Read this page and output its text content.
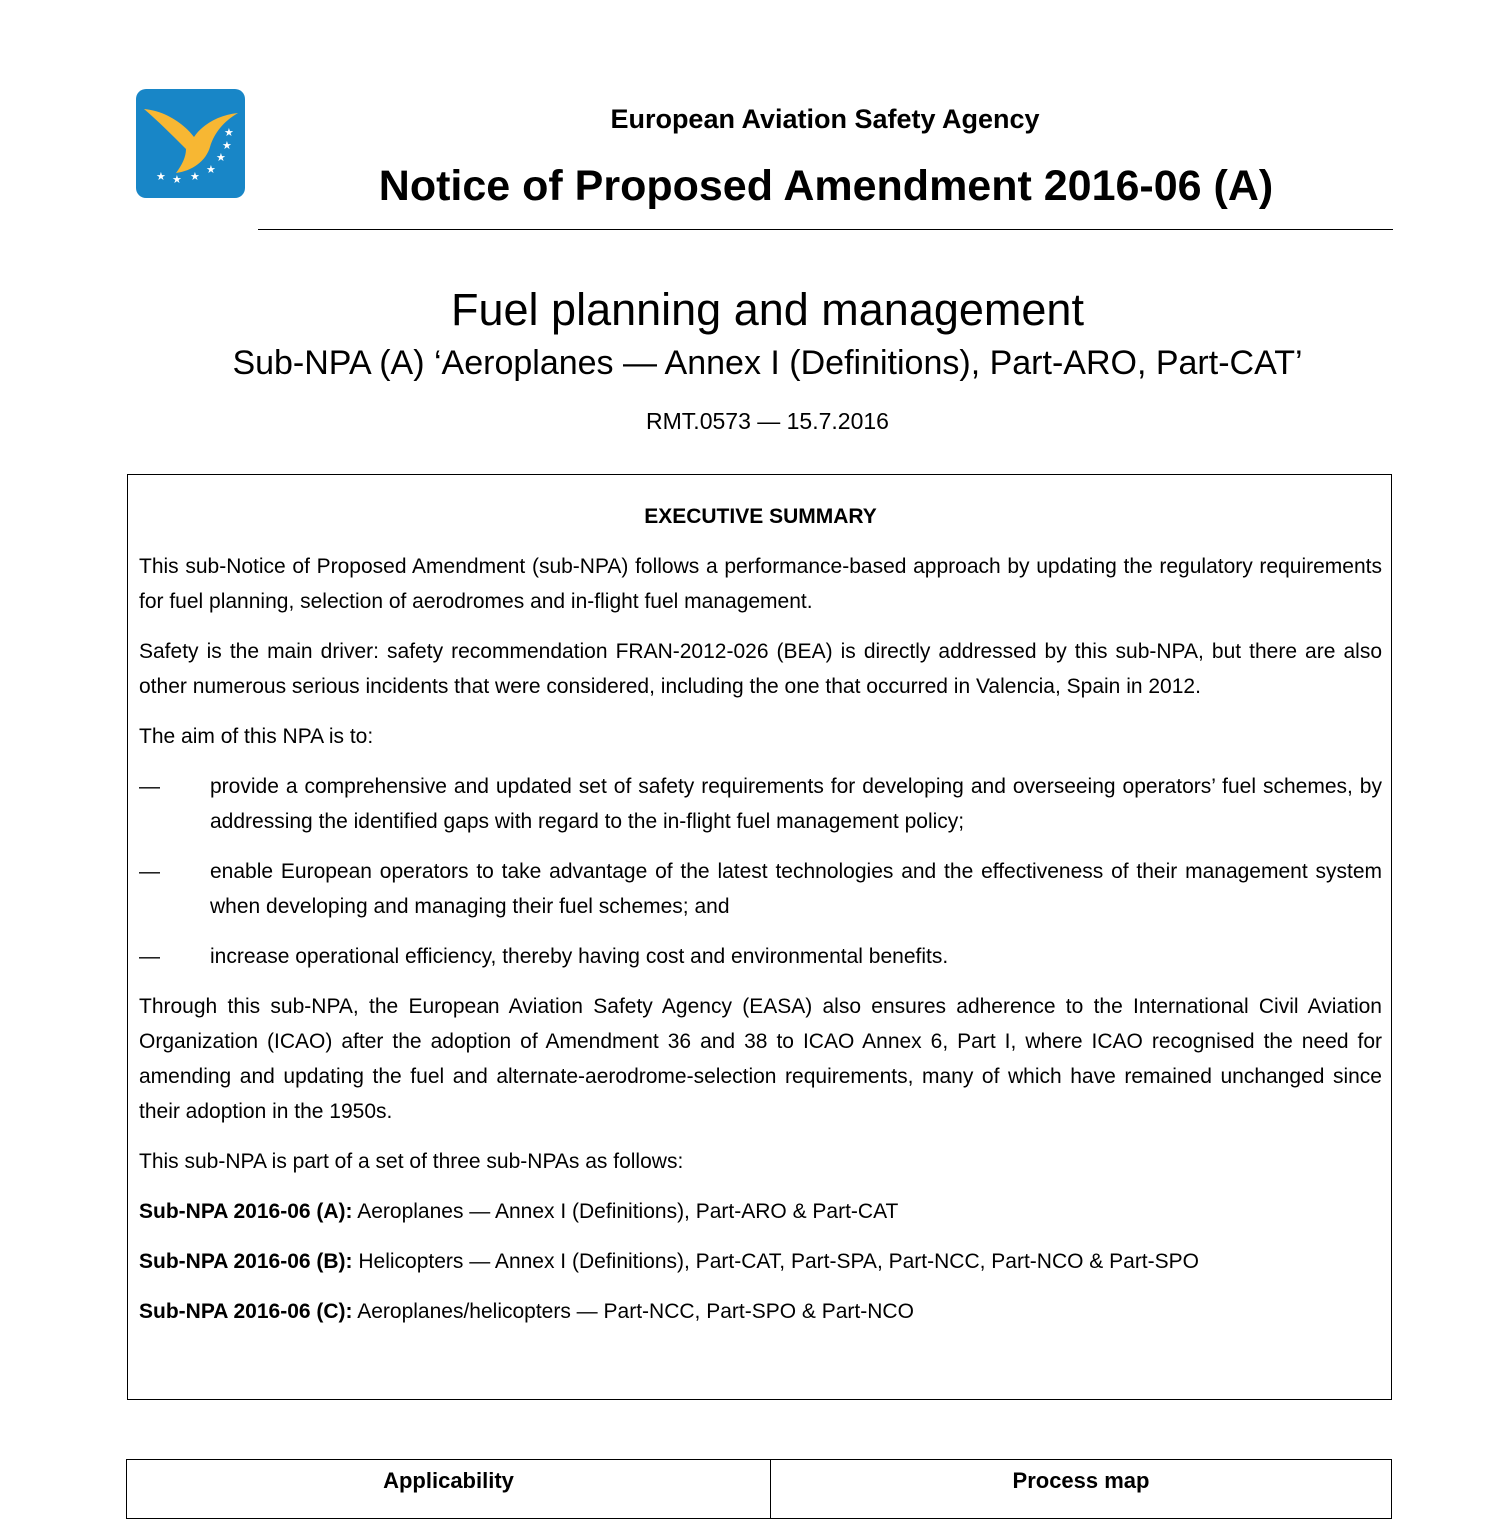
★ ★ ★
★
★
★
★	European Aviation Safety Agency
Notice of Proposed Amendment 2016-06 (A)
Fuel planning and management
Sub-NPA (A) ‘Aeroplanes — Annex I (Definitions), Part-ARO, Part-CAT’
RMT.0573 — 15.7.2016
EXECUTIVE SUMMARY

This sub-Notice of Proposed Amendment (sub-NPA) follows a performance-based approach by updating the regulatory requirements for fuel planning, selection of aerodromes and in-flight fuel management.

Safety is the main driver: safety recommendation FRAN-2012-026 (BEA) is directly addressed by this sub-NPA, but there are also other numerous serious incidents that were considered, including the one that occurred in Valencia, Spain in 2012.

The aim of this NPA is to:

—	provide a comprehensive and updated set of safety requirements for developing and overseeing operators’ fuel schemes, by addressing the identified gaps with regard to the in-flight fuel management policy;
—	enable European operators to take advantage of the latest technologies and the effectiveness of their management system when developing and managing their fuel schemes; and
—	increase operational efficiency, thereby having cost and environmental benefits.

Through this sub-NPA, the European Aviation Safety Agency (EASA) also ensures adherence to the International Civil Aviation Organization (ICAO) after the adoption of Amendment 36 and 38 to ICAO Annex 6, Part I, where ICAO recognised the need for amending and updating the fuel and alternate-aerodrome-selection requirements, many of which have remained unchanged since their adoption in the 1950s.

This sub-NPA is part of a set of three sub-NPAs as follows:

Sub-NPA 2016-06 (A): Aeroplanes — Annex I (Definitions), Part-ARO & Part-CAT
Sub-NPA 2016-06 (B): Helicopters — Annex I (Definitions), Part-CAT, Part-SPA, Part-NCC, Part-NCO & Part-SPO
Sub-NPA 2016-06 (C): Aeroplanes/helicopters — Part-NCC, Part-SPO & Part-NCO
Applicability	Process map
